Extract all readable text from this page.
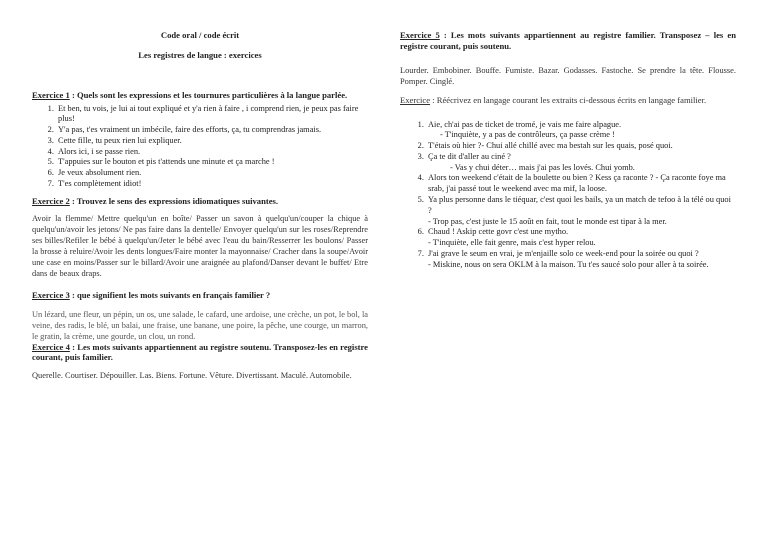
Code oral / code écrit
Les registres de langue : exercices
Exercice 1 : Quels sont les expressions et les tournures particulières à la langue parlée.
1. Et ben, tu vois, je lui ai tout expliqué et y'a rien à faire , i comprend rien, je peux pas faire plus!
2. Y'a pas, t'es vraiment un imbécile, faire des efforts, ça, tu comprendras jamais.
3. Cette fille, tu peux rien lui expliquer.
4. Alors ici, i se passe rien.
5. T'appuies sur le bouton et pis t'attends une minute et ça marche !
6. Je veux absolument rien.
7. T'es complètement idiot!
Exercice 2 : Trouvez le sens des expressions idiomatiques suivantes.
Avoir la flemme/ Mettre quelqu'un en boîte/ Passer un savon à quelqu'un/couper la chique à quelqu'un/avoir les jetons/ Ne pas faire dans la dentelle/ Envoyer quelqu'un sur les roses/Reprendre ses billes/Refiler le bébé à quelqu'un/Jeter le bébé avec l'eau du bain/Resserrer les boulons/ Passer la brosse à reluire/Avoir les dents longues/Faire monter la mayonnaise/ Cracher dans la soupe/Avoir une case en moins/Passer sur le billard/Avoir une araignée au plafond/Danser devant le buffet/ Etre dans de beaux draps.
Exercice 3 : que signifient les mots suivants en français familier ?
Un lézard, une fleur, un pépin, un os, une salade, le cafard, une ardoise, une crèche, un pot, le bol, la veine, des radis, le blé, un balai, une fraise, une banane, une poire, la pêche, une courge, un marron, le gratin, la crème, une gourde, un clou, un rond.
Exercice 4 : Les mots suivants appartiennent au registre soutenu. Transposez-les en registre courant, puis familier.
Querelle. Courtiser. Dépouiller. Las. Biens. Fortune. Vêture. Divertissant. Maculé. Automobile.
Exercice 5 : Les mots suivants appartiennent au registre familier. Transposez – les en registre courant, puis soutenu.
Lourder. Embobiner. Bouffe. Fumiste. Bazar. Godasses. Fastoche. Se prendre la tête. Flousse. Pomper. Cinglé.
Exercice : Réécrivez en langage courant les extraits ci-dessous écrits en langage familier.
1. Aie, ch'ai pas de ticket de tromé, je vais me faire alpague.
- T'inquiète, y a pas de contrôleurs, ça passe crème !
2. T'étais où hier ?- Chui allé chillé avec ma bestah sur les quais, posé quoi.
3. Ça te dit d'aller au ciné ?
- Vas y chui déter… mais j'ai pas les lovés. Chui yomb.
4. Alors ton weekend c'était de la boulette ou bien ? Kess ça raconte ? - Ça raconte foye ma srab, j'ai passé tout le weekend avec ma mif, la loose.
5. Ya plus personne dans le tiéquar, c'est quoi les bails, ya un match de tefoo à la télé ou quoi ?
- Trop pas, c'est juste le 15 août en fait, tout le monde est tipar à la mer.
6. Chaud ! Askip cette govr c'est une mytho.
- T'inquiète, elle fait genre, mais c'est hyper relou.
7. J'ai grave le seum en vrai, je m'enjaille solo ce week-end pour la soirée ou quoi ?
- Miskine, nous on sera OKLM à la maison. Tu t'es saucé solo pour aller à ta soirée.
